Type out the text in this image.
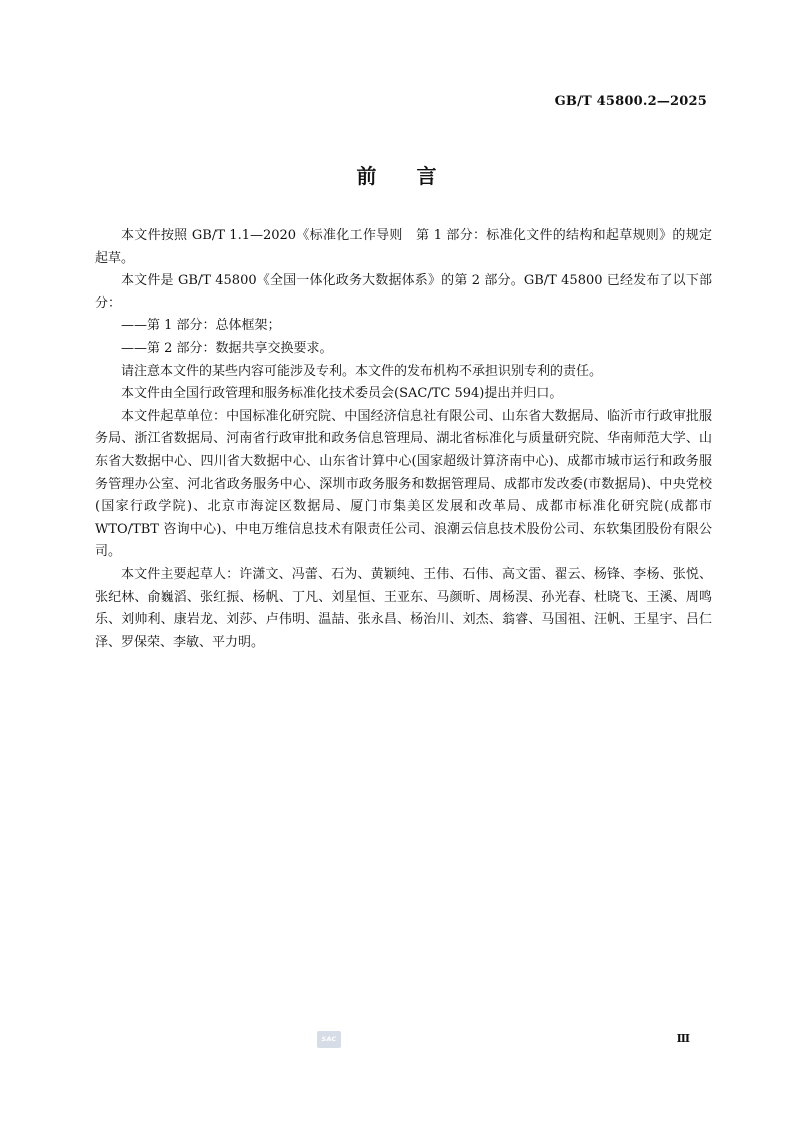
GB/T 45800.2—2025
前言

本文件按照 GB/T 1.1—2020《标准化工作导则　第 1 部分：标准化文件的结构和起草规则》的规定起草。

本文件是 GB/T 45800《全国一体化政务大数据体系》的第 2 部分。GB/T 45800 已经发布了以下部分：

——第 1 部分：总体框架；

——第 2 部分：数据共享交换要求。

请注意本文件的某些内容可能涉及专利。本文件的发布机构不承担识别专利的责任。

本文件由全国行政管理和服务标准化技术委员会(SAC/TC 594)提出并归口。

本文件起草单位：中国标准化研究院、中国经济信息社有限公司、山东省大数据局、临沂市行政审批服务局、浙江省数据局、河南省行政审批和政务信息管理局、湖北省标准化与质量研究院、华南师范大学、山东省大数据中心、四川省大数据中心、山东省计算中心(国家超级计算济南中心)、成都市城市运行和政务服务管理办公室、河北省政务服务中心、深圳市政务服务和数据管理局、成都市发改委(市数据局)、中央党校(国家行政学院)、北京市海淀区数据局、厦门市集美区发展和改革局、成都市标准化研究院(成都市 WTO/TBT 咨询中心)、中电万维信息技术有限责任公司、浪潮云信息技术股份公司、东软集团股份有限公司。

本文件主要起草人：许潇文、冯蕾、石为、黄颖纯、王伟、石伟、高文雷、翟云、杨锋、李杨、张悦、张纪林、俞巍滔、张红振、杨帆、丁凡、刘星恒、王亚东、马颜昕、周杨淏、孙光春、杜晓飞、王溪、周鸣乐、刘帅利、康岩龙、刘莎、卢伟明、温喆、张永昌、杨治川、刘杰、翁睿、马国祖、汪帆、王星宇、吕仁泽、罗保荣、李敏、平力明。

SAC	Ⅲ
